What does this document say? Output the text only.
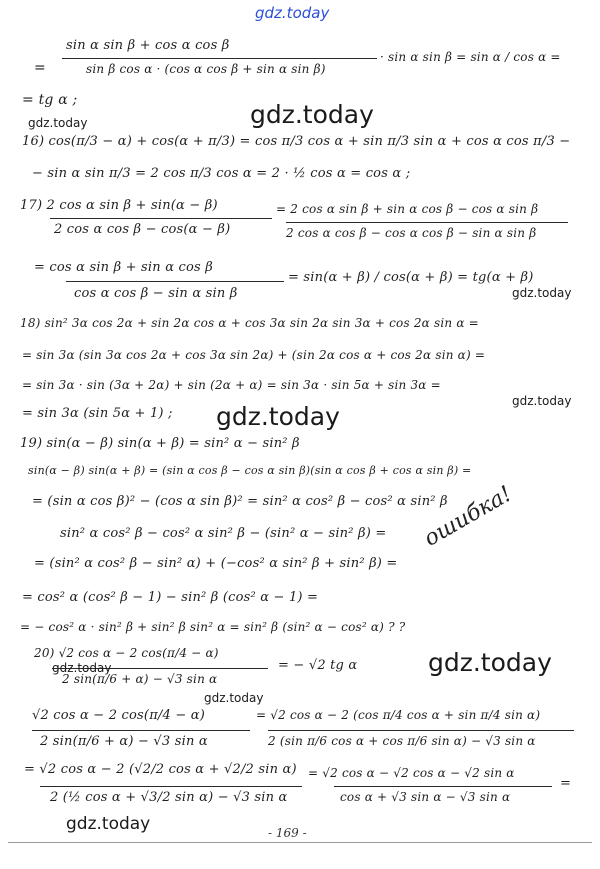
gdz.today
sin α sin β + cos α cos β
=	sin β cos α · (cos α cos β + sin α sin β)
· sin α sin β = sin α / cos α =
= tg α ;
16) cos(π/3 − α) + cos(α + π/3) = cos π/3 cos α + sin π/3 sin α + cos α cos π/3 −
− sin α sin π/3 = 2 cos π/3 cos α = 2 · ½ cos α = cos α ;
17) 2 cos α sin β + sin(α − β)
2 cos α cos β − cos(α − β)
= 2 cos α sin β + sin α cos β − cos α sin β
2 cos α cos β − cos α cos β − sin α sin β
= cos α sin β + sin α cos β
cos α cos β − sin α sin β
= sin(α + β) / cos(α + β) = tg(α + β)
18) sin² 3α cos 2α + sin 2α cos α + cos 3α sin 2α sin 3α + cos 2α sin α =
= sin 3α (sin 3α cos 2α + cos 3α sin 2α) + (sin 2α cos α + cos 2α sin α) =
= sin 3α · sin (3α + 2α) + sin (2α + α) = sin 3α · sin 5α + sin 3α =
= sin 3α (sin 5α + 1) ;
19) sin(α − β) sin(α + β) = sin² α − sin² β
sin(α − β) sin(α + β) = (sin α cos β − cos α sin β)(sin α cos β + cos α sin β) =
= (sin α cos β)² − (cos α sin β)² = sin² α cos² β − cos² α sin² β
sin² α cos² β − cos² α sin² β − (sin² α − sin² β) =
= (sin² α cos² β − sin² α) + (−cos² α sin² β + sin² β) =
= cos² α (cos² β − 1) − sin² β (cos² α − 1) =
= − cos² α · sin² β + sin² β sin² α = sin² β (sin² α − cos² α) ? ?
ошибка!
20) √2 cos α − 2 cos(π/4 − α)
2 sin(π/6 + α) − √3 sin α
= − √2 tg α
√2 cos α − 2 cos(π/4 − α)
2 sin(π/6 + α) − √3 sin α
= √2 cos α − 2 (cos π/4 cos α + sin π/4 sin α)
2 (sin π/6 cos α + cos π/6 sin α) − √3 sin α
= √2 cos α − 2 (√2/2 cos α + √2/2 sin α)
2 (½ cos α + √3/2 sin α) − √3 sin α
= √2 cos α − √2 cos α − √2 sin α
cos α + √3 sin α − √3 sin α
=
gdz.today
gdz.today
gdz.today
gdz.today
gdz.today
gdz.today
gdz.today
gdz.today
gdz.today	- 169 -
